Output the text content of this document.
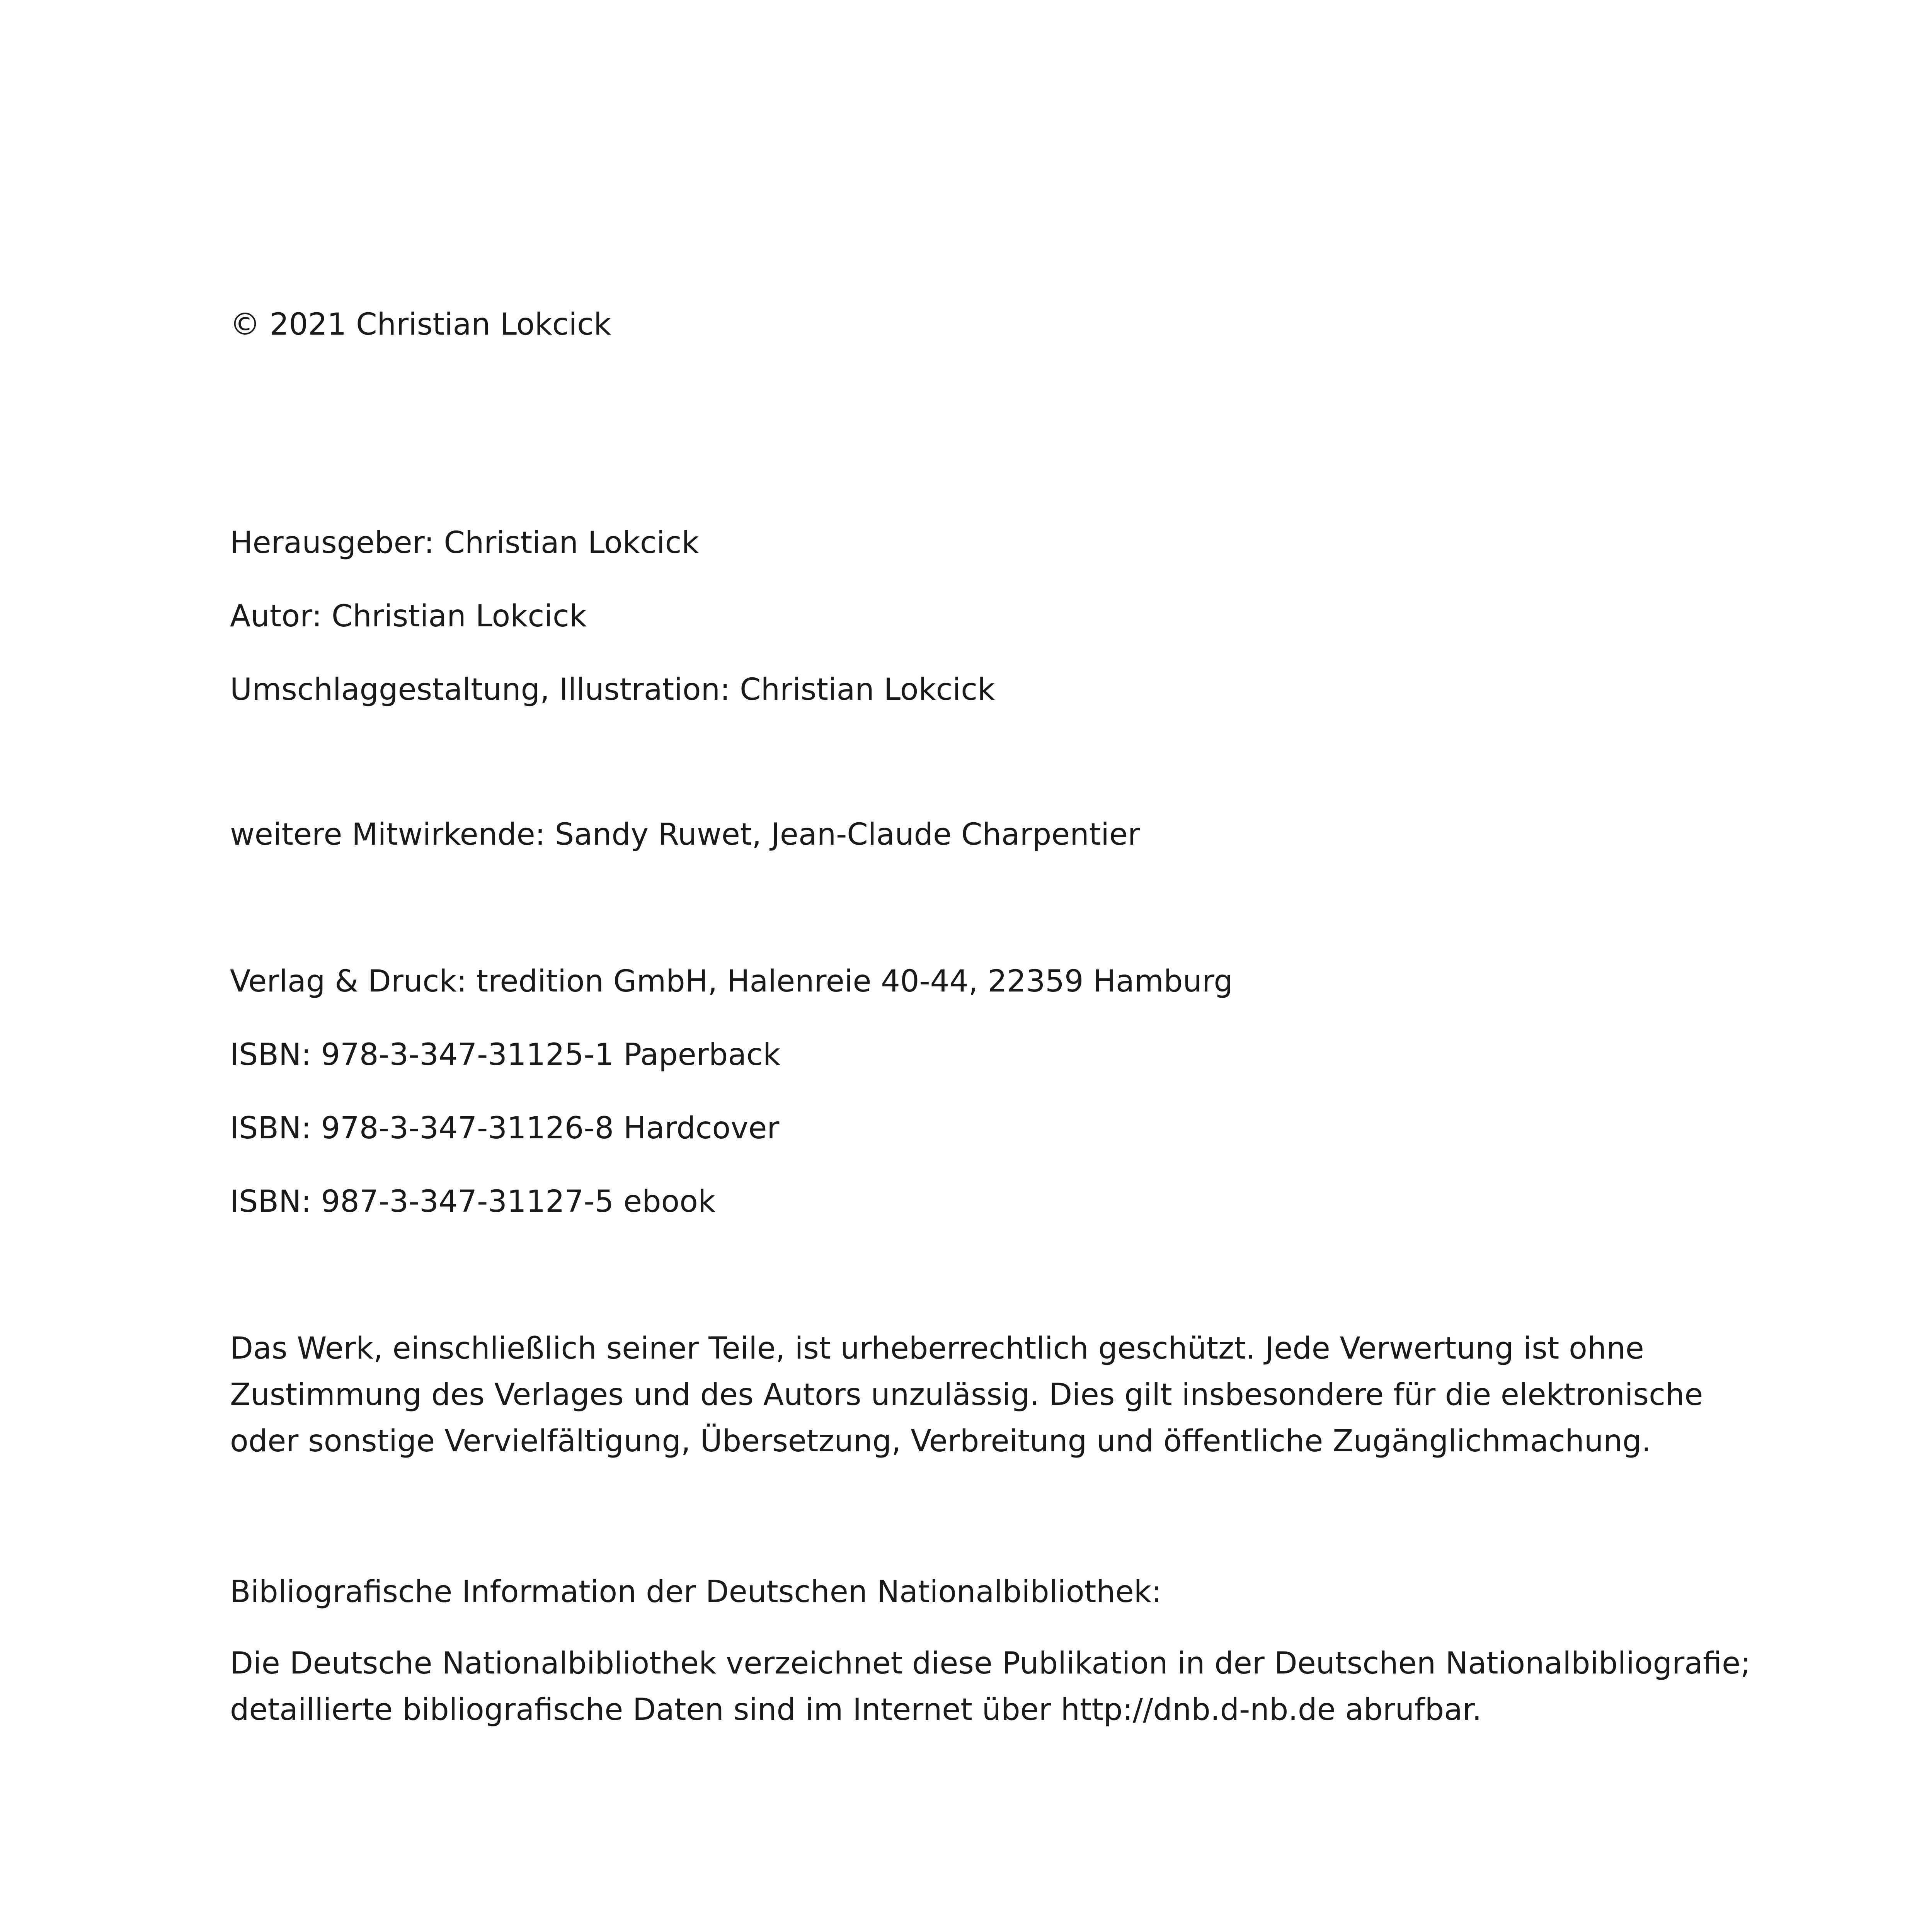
© 2021 Christian Lokcick

Herausgeber: Christian Lokcick

Autor: Christian Lokcick

Umschlaggestaltung, Illustration: Christian Lokcick

weitere Mitwirkende: Sandy Ruwet, Jean-Claude Charpentier

Verlag & Druck: tredition GmbH, Halenreie 40-44, 22359 Hamburg

ISBN: 978-3-347-31125-1 Paperback

ISBN: 978-3-347-31126-8 Hardcover

ISBN: 987-3-347-31127-5 ebook

Das Werk, einschließlich seiner Teile, ist urheberrechtlich geschützt. Jede Verwertung ist ohne
Zustimmung des Verlages und des Autors unzulässig. Dies gilt insbesondere für die elektronische
oder sonstige Vervielfältigung, Übersetzung, Verbreitung und öffentliche Zugänglichmachung.

Bibliografische Information der Deutschen Nationalbibliothek:

Die Deutsche Nationalbibliothek verzeichnet diese Publikation in der Deutschen Nationalbibliografie;
detaillierte bibliografische Daten sind im Internet über http://dnb.d-nb.de abrufbar.
